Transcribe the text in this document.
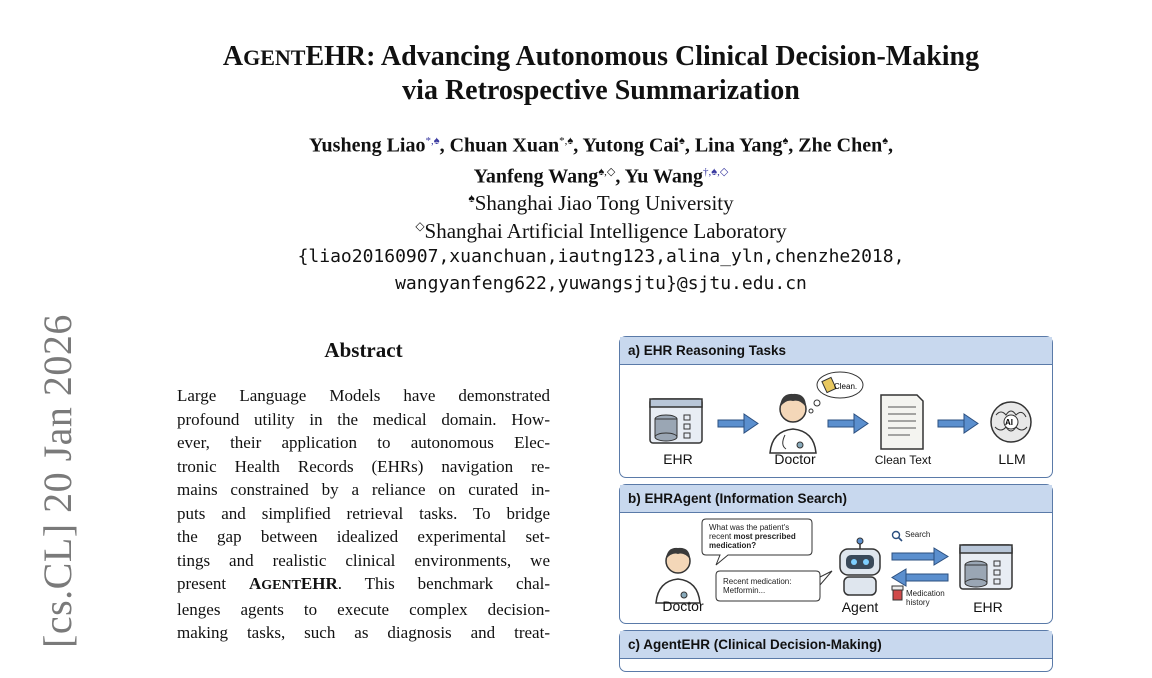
[cs.CL] 20 Jan 2026
AGENTEHR: Advancing Autonomous Clinical Decision-Making
via Retrospective Summarization
Yusheng Liao*,♠, Chuan Xuan*,♠, Yutong Cai♠, Lina Yang♠, Zhe Chen♠,
Yanfeng Wang♠,◇, Yu Wang†,♠,◇
♠Shanghai Jiao Tong University
◇Shanghai Artificial Intelligence Laboratory
{liao20160907,xuanchuan,iautng123,alina_yln,chenzhe2018,
wangyanfeng622,yuwangsjtu}@sjtu.edu.cn
Abstract
Large Language Models have demonstrated
profound utility in the medical domain. How-
ever, their application to autonomous Elec-
tronic Health Records (EHRs) navigation re-
mains constrained by a reliance on curated in-
puts and simplified retrieval tasks. To bridge
the gap between idealized experimental set-
tings and realistic clinical environments, we
present AGENTEHR. This benchmark chal-
lenges agents to execute complex decision-
making tasks, such as diagnosis and treat-
a) EHR Reasoning Tasks
Clean.
AI
EHR	Doctor	Clean Text	LLM
b) EHRAgent (Information Search)
What was the patient's
recent most prescribed
medication?
Recent medication:
Metformin...
Search
Medication
history
Doctor	Agent	EHR
c) AgentEHR (Clinical Decision-Making)
